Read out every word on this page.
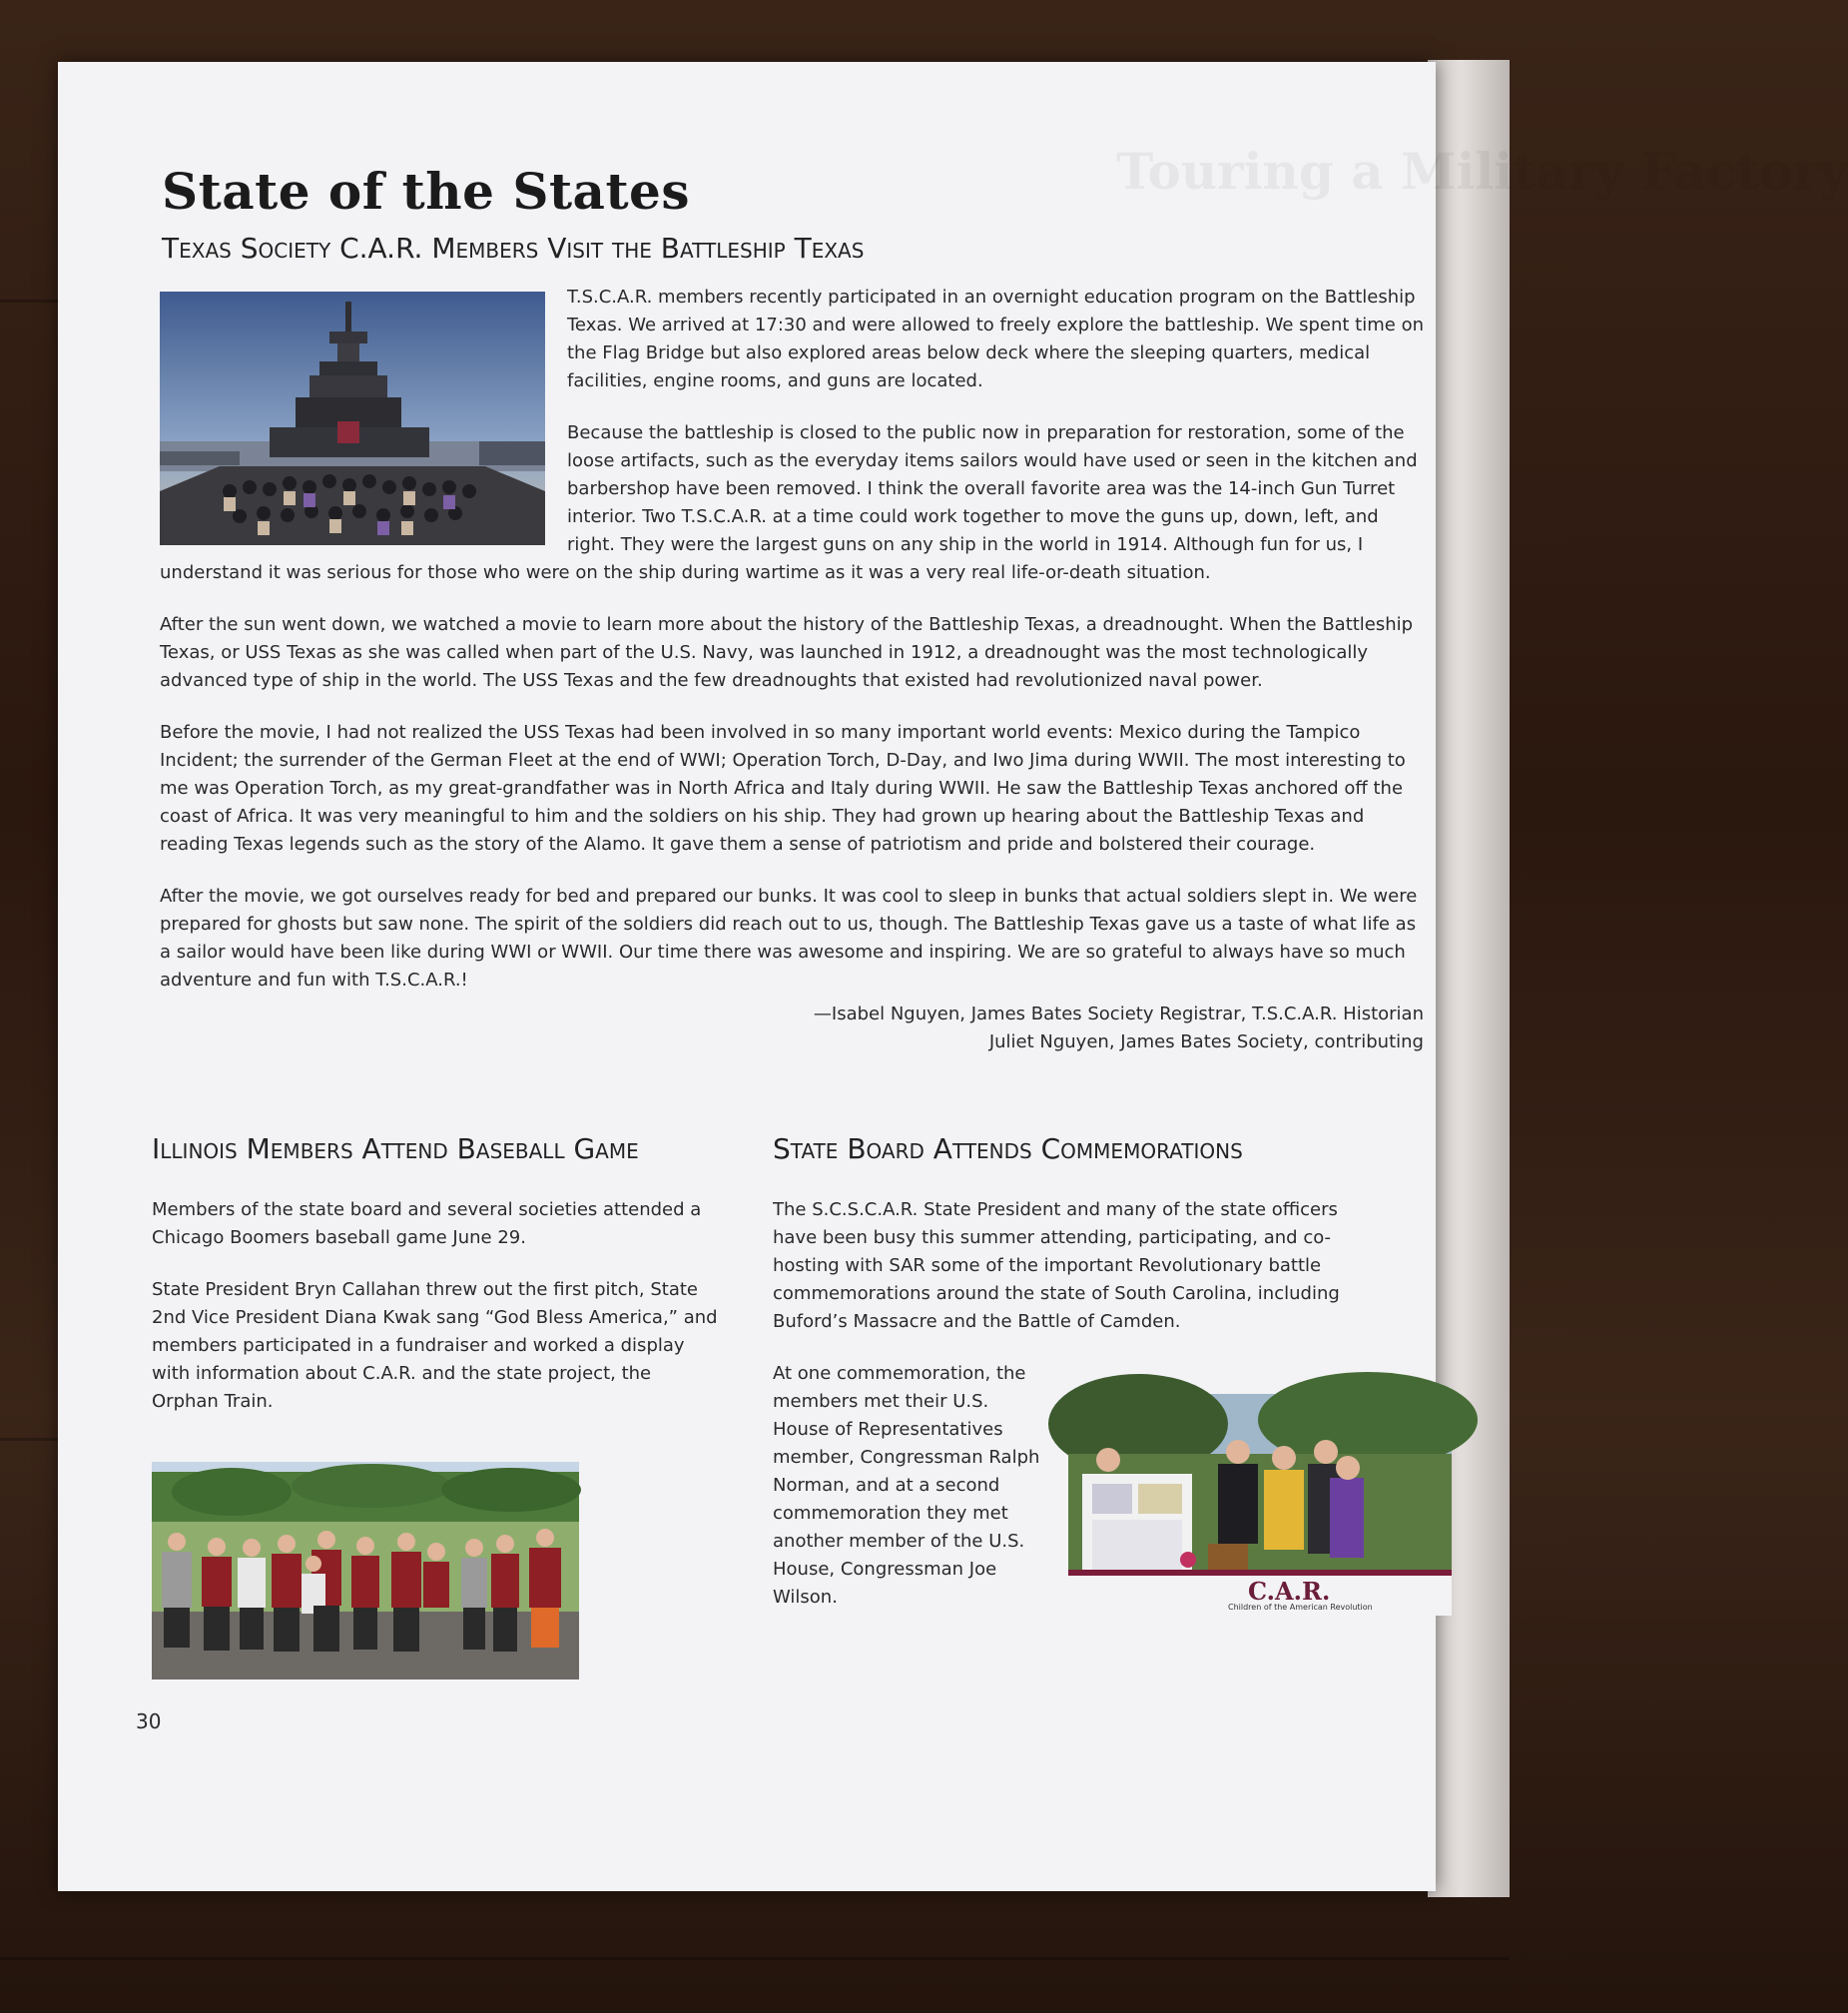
Touring a Military Factory
State of the States
Texas Society C.A.R. Members Visit the Battleship Texas

T.S.C.A.R. members recently participated in an overnight education program on the Battleship Texas. We arrived at 17:30 and were allowed to freely explore the battleship. We spent time on the Flag Bridge but also explored areas below deck where the sleeping quarters, medical facilities, engine rooms, and guns are located.

Because the battleship is closed to the public now in preparation for restoration, some of the loose artifacts, such as the everyday items sailors would have used or seen in the kitchen and barbershop have been removed. I think the overall favorite area was the 14-inch Gun Turret interior. Two T.S.C.A.R. at a time could work together to move the guns up, down, left, and right. They were the largest guns on any ship in the world in 1914. Although fun for us, I understand it was serious for those who were on the ship during wartime as it was a very real life-or-death situation.

After the sun went down, we watched a movie to learn more about the history of the Battleship Texas, a dreadnought. When the Battleship Texas, or USS Texas as she was called when part of the U.S. Navy, was launched in 1912, a dreadnought was the most technologically advanced type of ship in the world. The USS Texas and the few dreadnoughts that existed had revolutionized naval power.

Before the movie, I had not realized the USS Texas had been involved in so many important world events: Mexico during the Tampico Incident; the surrender of the German Fleet at the end of WWI; Operation Torch, D-Day, and Iwo Jima during WWII. The most interesting to me was Operation Torch, as my great-grandfather was in North Africa and Italy during WWII. He saw the Battleship Texas anchored off the coast of Africa. It was very meaningful to him and the soldiers on his ship. They had grown up hearing about the Battleship Texas and reading Texas legends such as the story of the Alamo. It gave them a sense of patriotism and pride and bolstered their courage.

After the movie, we got ourselves ready for bed and prepared our bunks. It was cool to sleep in bunks that actual soldiers slept in. We were prepared for ghosts but saw none. The spirit of the soldiers did reach out to us, though. The Battleship Texas gave us a taste of what life as a sailor would have been like during WWI or WWII. Our time there was awesome and inspiring. We are so grateful to always have so much adventure and fun with T.S.C.A.R.!

—Isabel Nguyen, James Bates Society Registrar, T.S.C.A.R. Historian
Juliet Nguyen, James Bates Society, contributing
Illinois Members Attend Baseball Game

Members of the state board and several societies attended a Chicago Boomers baseball game June 29.

State President Bryn Callahan threw out the first pitch, State 2nd Vice President Diana Kwak sang “God Bless America,” and members participated in a fundraiser and worked a display with information about C.A.R. and the state project, the Orphan Train.

State Board Attends Commemorations

The S.C.S.C.A.R. State President and many of the state officers have been busy this summer attending, participating, and co-hosting with SAR some of the important Revolutionary battle commemorations around the state of South Carolina, including Buford’s Massacre and the Battle of Camden.

C.A.R.
Children of the American Revolution

At one commemoration, the members met their U.S. House of Representatives member, Congressman Ralph Norman, and at a second commemoration they met another member of the U.S. House, Congressman Joe Wilson.

30
